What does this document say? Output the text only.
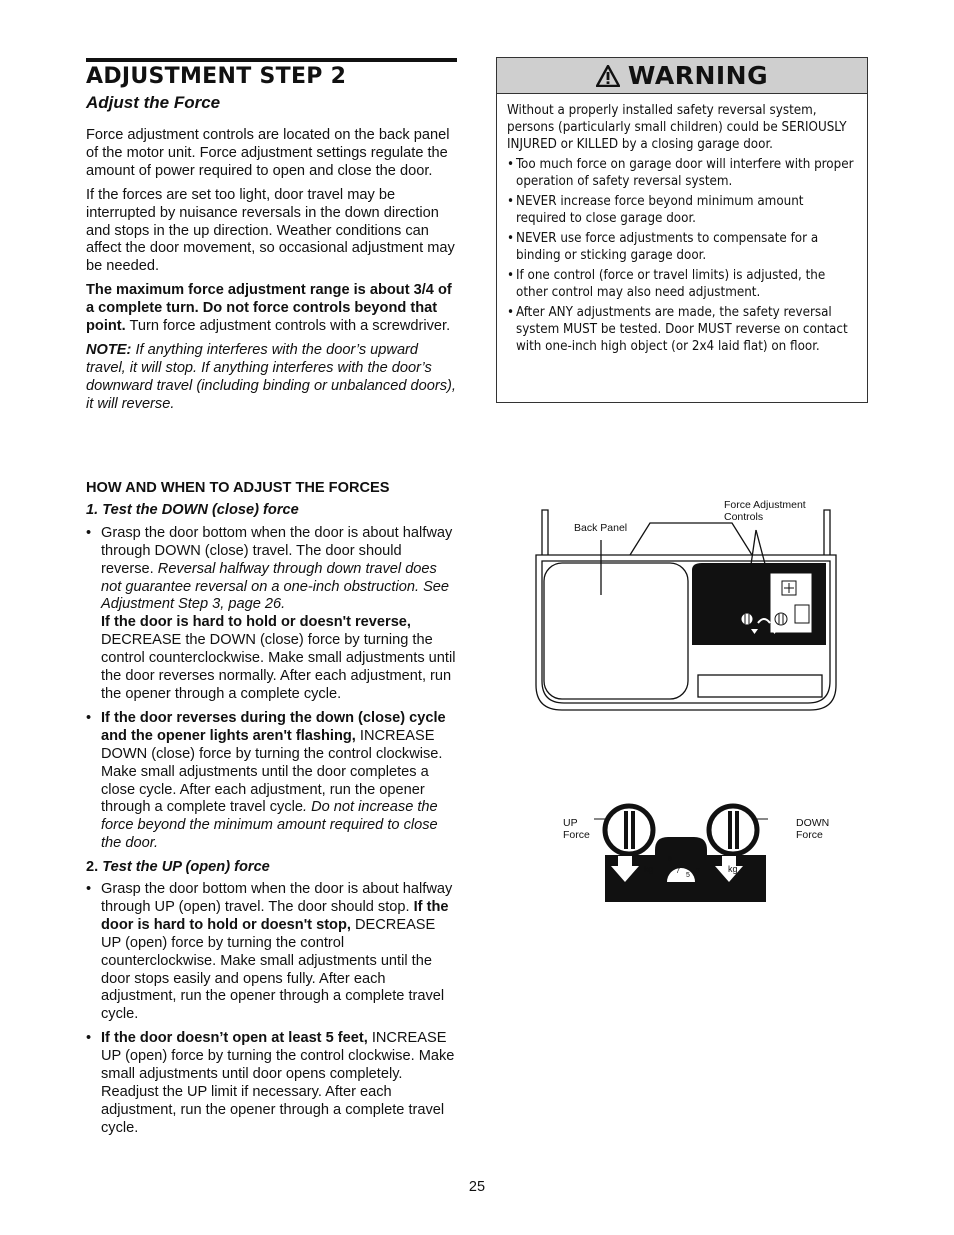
ADJUSTMENT STEP 2
Adjust the Force

Force adjustment controls are located on the back panel of the motor unit. Force adjustment settings regulate the amount of power required to open and close the door.

If the forces are set too light, door travel may be interrupted by nuisance reversals in the down direction and stops in the up direction. Weather conditions can affect the door movement, so occasional adjustment may be needed.

The maximum force adjustment range is about 3/4 of a complete turn. Do not force controls beyond that point. Turn force adjustment controls with a screwdriver.

NOTE: If anything interferes with the door’s upward travel, it will stop. If anything interferes with the door’s downward travel (including binding or unbalanced doors), it will reverse.

HOW AND WHEN TO ADJUST THE FORCES
1. Test the DOWN (close) force
• Grasp the door bottom when the door is about halfway through DOWN (close) travel. The door should reverse. Reversal halfway through down travel does not guarantee reversal on a one-inch obstruction. See Adjustment Step 3, page 26.
If the door is hard to hold or doesn't reverse, DECREASE the DOWN (close) force by turning the control counterclockwise. Make small adjustments until the door reverses normally. After each adjustment, run the opener through a complete cycle.
• If the door reverses during the down (close) cycle and the opener lights aren't flashing, INCREASE DOWN (close) force by turning the control clockwise. Make small adjustments until the door completes a close cycle. After each adjustment, run the opener through a complete travel cycle. Do not increase the force beyond the minimum amount required to close the door.
2. Test the UP (open) force
• Grasp the door bottom when the door is about halfway through UP (open) travel. The door should stop. If the door is hard to hold or doesn't stop, DECREASE UP (open) force by turning the control counterclockwise. Make small adjustments until the door stops easily and opens fully. After each adjustment, run the opener through a complete travel cycle.
• If the door doesn’t open at least 5 feet, INCREASE UP (open) force by turning the control clockwise. Make small adjustments until door opens completely. Readjust the UP limit if necessary. After each adjustment, run the opener through a complete travel cycle.
WARNING

Without a properly installed safety reversal system, persons (particularly small children) could be SERIOUSLY INJURED or KILLED by a closing garage door.

• Too much force on garage door will interfere with proper operation of safety reversal system.
• NEVER increase force beyond minimum amount required to close garage door.
• NEVER use force adjustments to compensate for a binding or sticking garage door.
• If one control (force or travel limits) is adjusted, the other control may also need adjustment.
• After ANY adjustments are made, the safety reversal system MUST be tested. Door MUST reverse on contact with one-inch high object (or 2x4 laid flat) on floor.
Back Panel
Force Adjustment
Controls
kg	kg
9
7
5
3
1
UP
Force
DOWN
Force
25
